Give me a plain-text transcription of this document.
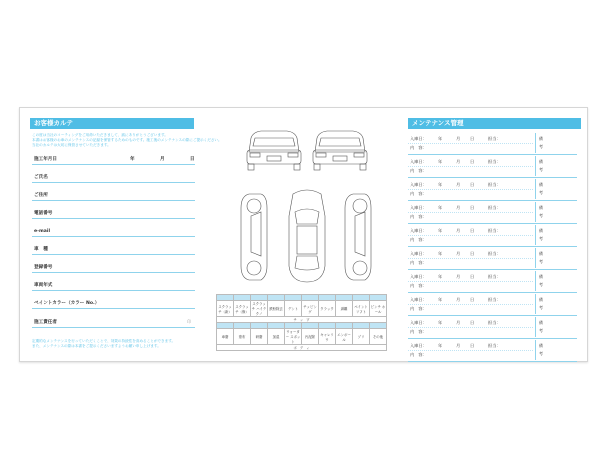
お客様カルテ
この度は当社のコーティングをご用命いただきまして、誠にありがとうございます。
本書はお客様のお車のメンテナンスの記録を保管するためのものです。施工後のメンテナンスの際にご提示ください。
当社のカルテは大切に保管させていただきます。
施工年月日	年	月	日
ご氏名
ご住所
電話番号
e-mail
車　種
登録番号
車両年式
ペイントカラー（カラー No.）
施工責任者	印
定期的なメンテナンスを行っていただくことで、効果の持続性を高めることができます。
また、メンテナンスの際は本書をご提示くださいますようお願い申し上げます。

スクラッチ（新）	スクラッチ（修）	スクラッチ ハイテクノ	鉄粉除去	デント	チッピング	クラック	剥離	ペイント リフト	ピンチ ホール
チ　ッ　プ									

車磨	塗布	研磨	加湿	ウォーター スポット	汚泥除	キャレリウ	エンボール	ゾリ	その他
ボ　デ　ィ									
メンテナンス管理
入庫日：	年	月 日	担当：
内　容：
備考
入庫日：	年	月 日	担当：
内　容：
備考
入庫日：	年	月 日	担当：
内　容：
備考
入庫日：	年	月 日	担当：
内　容：
備考
入庫日：	年	月 日	担当：
内　容：
備考
入庫日：	年	月 日	担当：
内　容：
備考
入庫日：	年	月 日	担当：
内　容：
備考
入庫日：	年	月 日	担当：
内　容：
備考
入庫日：	年	月 日	担当：
内　容：
備考
入庫日：	年	月 日	担当：
内　容：
備考
